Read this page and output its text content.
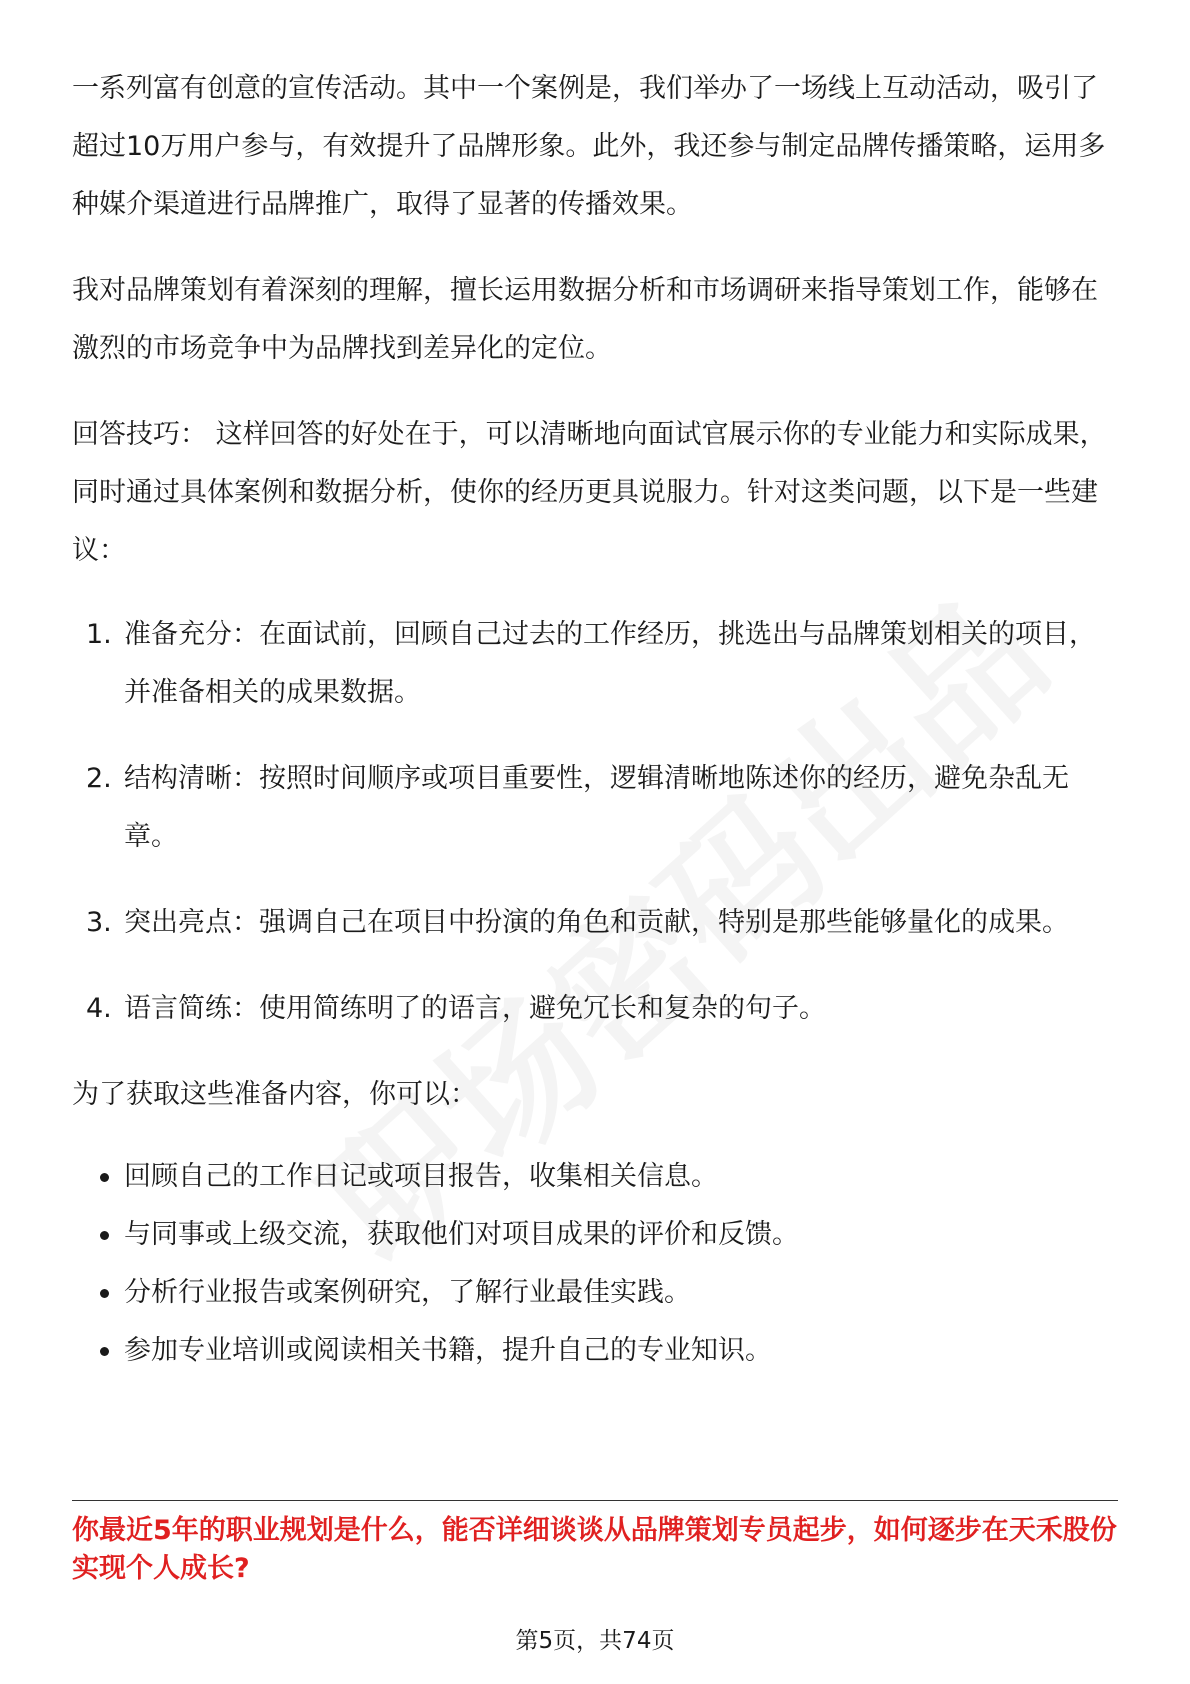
一系列富有创意的宣传活动。其中一个案例是，我们举办了一场线上互动活动，吸引了超过10万用户参与，有效提升了品牌形象。此外，我还参与制定品牌传播策略，运用多种媒介渠道进行品牌推广，取得了显著的传播效果。

我对品牌策划有着深刻的理解，擅长运用数据分析和市场调研来指导策划工作，能够在激烈的市场竞争中为品牌找到差异化的定位。

回答技巧： 这样回答的好处在于，可以清晰地向面试官展示你的专业能力和实际成果，同时通过具体案例和数据分析，使你的经历更具说服力。针对这类问题，以下是一些建议：

1. 准备充分：在面试前，回顾自己过去的工作经历，挑选出与品牌策划相关的项目，并准备相关的成果数据。
2. 结构清晰：按照时间顺序或项目重要性，逻辑清晰地陈述你的经历，避免杂乱无章。
3. 突出亮点：强调自己在项目中扮演的角色和贡献，特别是那些能够量化的成果。
4. 语言简练：使用简练明了的语言，避免冗长和复杂的句子。

为了获取这些准备内容，你可以：

回顾自己的工作日记或项目报告，收集相关信息。
与同事或上级交流，获取他们对项目成果的评价和反馈。
分析行业报告或案例研究，了解行业最佳实践。
参加专业培训或阅读相关书籍，提升自己的专业知识。

你最近5年的职业规划是什么，能否详细谈谈从品牌策划专员起步，如何逐步在天禾股份实现个人成长?

第5页，共74页
